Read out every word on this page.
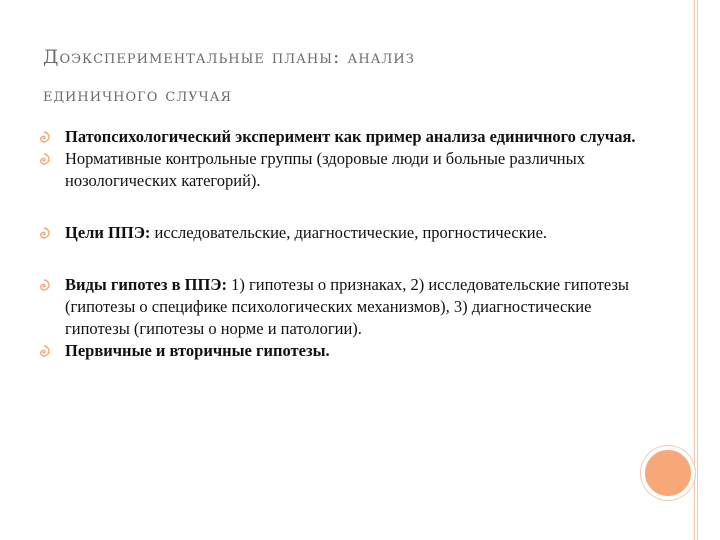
Доэкспериментальные планы: анализ
единичного случая
Патопсихологический эксперимент как пример анализа единичного случая.
Нормативные контрольные группы (здоровые люди и больные различных нозологических категорий).
Цели ППЭ: исследовательские, диагностические, прогностические.
Виды гипотез в ППЭ: 1) гипотезы о признаках, 2) исследовательские гипотезы (гипотезы о специфике психологических механизмов), 3) диагностические гипотезы (гипотезы о норме и патологии).
Первичные и вторичные гипотезы.
